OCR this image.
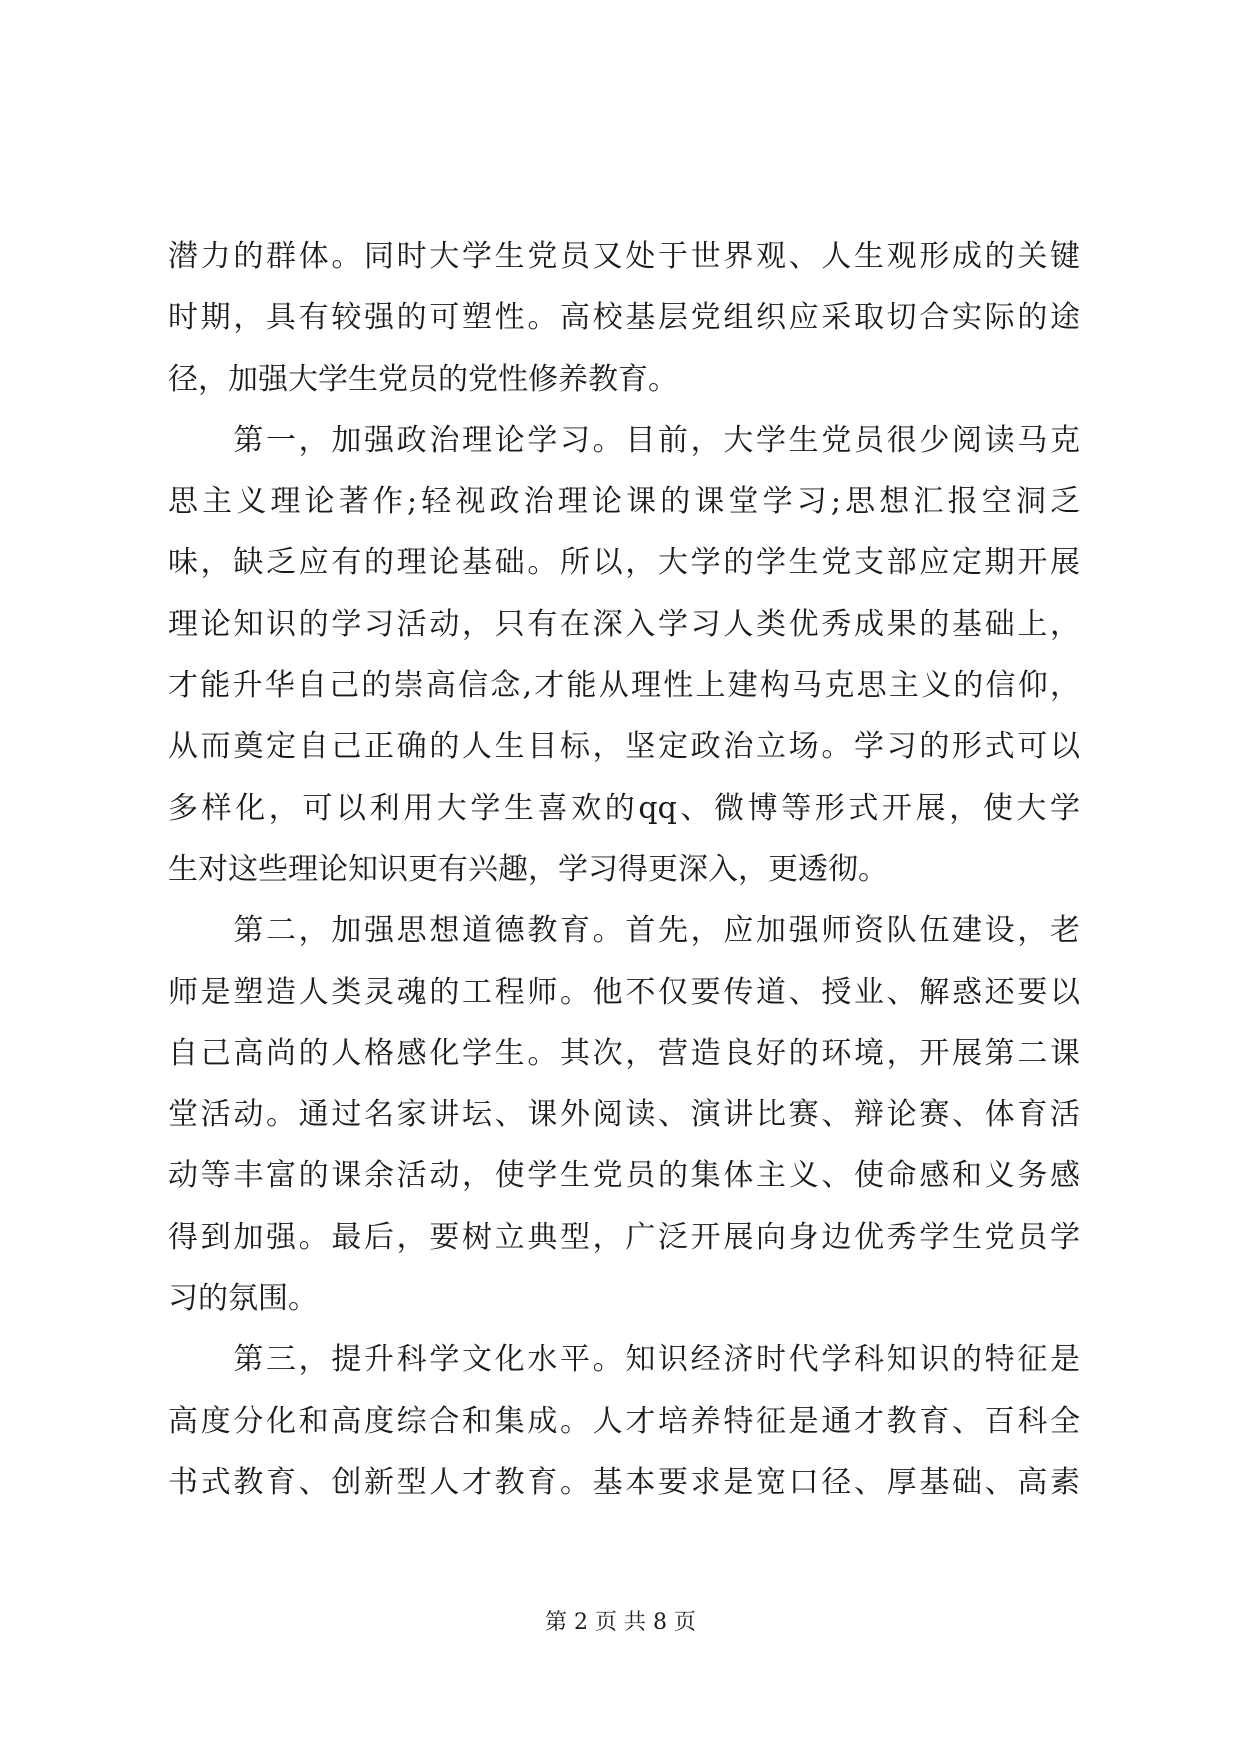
潜力的群体。同时大学生党员又处于世界观、人生观形成的关键
时期，具有较强的可塑性。高校基层党组织应采取切合实际的途
径，加强大学生党员的党性修养教育。
　　第一，加强政治理论学习。目前，大学生党员很少阅读马克
思主义理论著作;轻视政治理论课的课堂学习;思想汇报空洞乏
味，缺乏应有的理论基础。所以，大学的学生党支部应定期开展
理论知识的学习活动，只有在深入学习人类优秀成果的基础上，
才能升华自己的崇高信念,才能从理性上建构马克思主义的信仰，
从而奠定自己正确的人生目标，坚定政治立场。学习的形式可以
多样化，可以利用大学生喜欢的qq、微博等形式开展，使大学
生对这些理论知识更有兴趣，学习得更深入，更透彻。
　　第二，加强思想道德教育。首先，应加强师资队伍建设，老
师是塑造人类灵魂的工程师。他不仅要传道、授业、解惑还要以
自己高尚的人格感化学生。其次，营造良好的环境，开展第二课
堂活动。通过名家讲坛、课外阅读、演讲比赛、辩论赛、体育活
动等丰富的课余活动，使学生党员的集体主义、使命感和义务感
得到加强。最后，要树立典型，广泛开展向身边优秀学生党员学
习的氛围。
　　第三，提升科学文化水平。知识经济时代学科知识的特征是
高度分化和高度综合和集成。人才培养特征是通才教育、百科全
书式教育、创新型人才教育。基本要求是宽口径、厚基础、高素
第 2 页 共 8 页
